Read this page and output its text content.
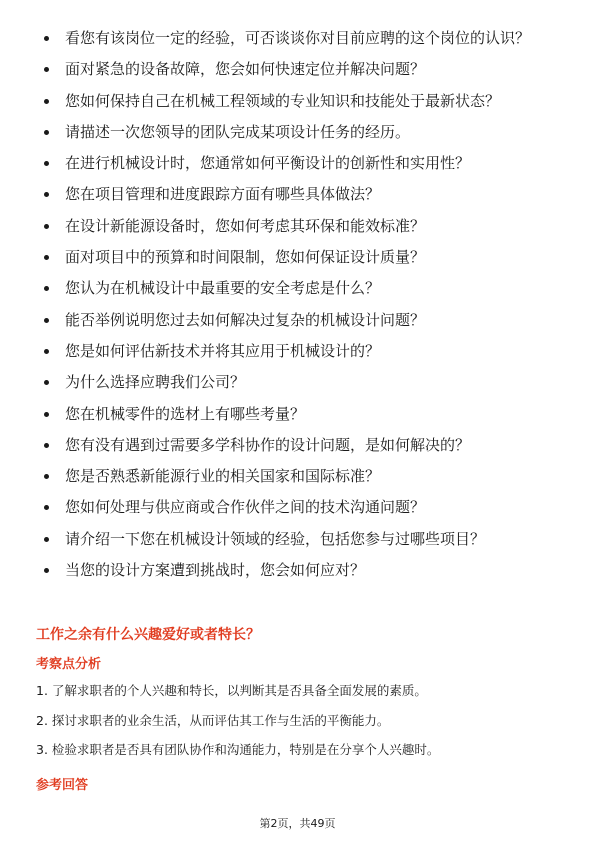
看您有该岗位一定的经验，可否谈谈你对目前应聘的这个岗位的认识？
面对紧急的设备故障，您会如何快速定位并解决问题？
您如何保持自己在机械工程领域的专业知识和技能处于最新状态？
请描述一次您领导的团队完成某项设计任务的经历。
在进行机械设计时，您通常如何平衡设计的创新性和实用性？
您在项目管理和进度跟踪方面有哪些具体做法？
在设计新能源设备时，您如何考虑其环保和能效标准？
面对项目中的预算和时间限制，您如何保证设计质量？
您认为在机械设计中最重要的安全考虑是什么？
能否举例说明您过去如何解决过复杂的机械设计问题？
您是如何评估新技术并将其应用于机械设计的？
为什么选择应聘我们公司？
您在机械零件的选材上有哪些考量？
您有没有遇到过需要多学科协作的设计问题，是如何解决的？
您是否熟悉新能源行业的相关国家和国际标准？
您如何处理与供应商或合作伙伴之间的技术沟通问题？
请介绍一下您在机械设计领域的经验，包括您参与过哪些项目？
当您的设计方案遭到挑战时，您会如何应对？
工作之余有什么兴趣爱好或者特长？
考察点分析
1. 了解求职者的个人兴趣和特长，以判断其是否具备全面发展的素质。
2. 探讨求职者的业余生活，从而评估其工作与生活的平衡能力。
3. 检验求职者是否具有团队协作和沟通能力，特别是在分享个人兴趣时。
参考回答
第2页，共49页
